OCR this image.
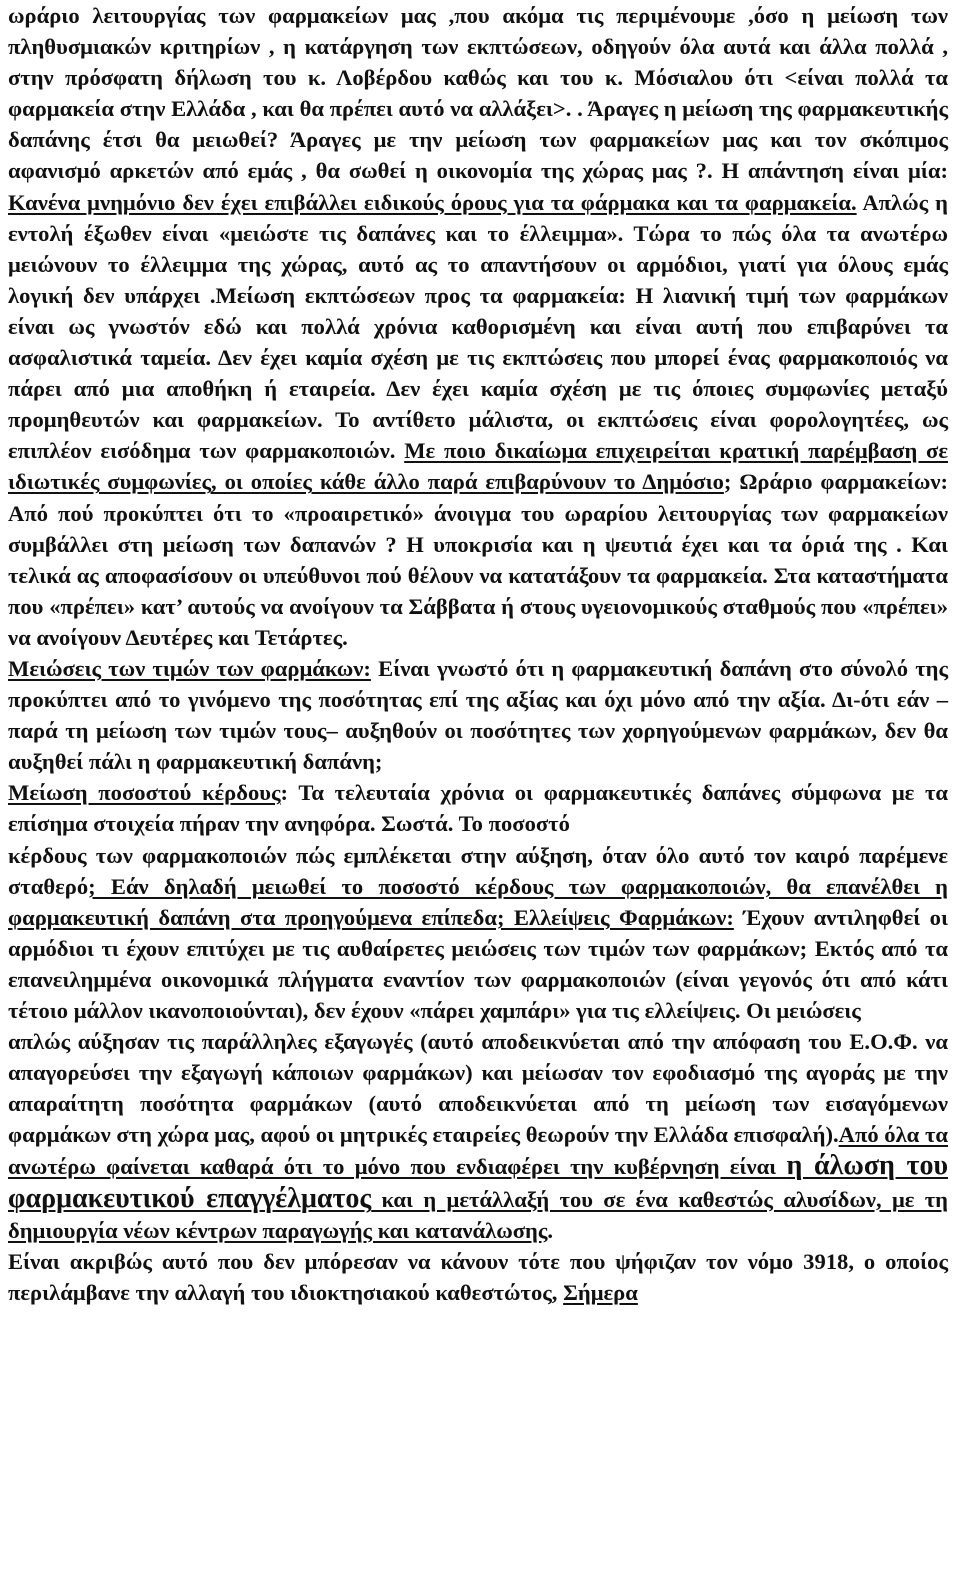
ωράριο λειτουργίας των φαρμακείων μας ,που ακόμα τις περιμένουμε ,όσο η μείωση των πληθυσμιακών κριτηρίων , η κατάργηση των εκπτώσεων, οδηγούν όλα αυτά και άλλα πολλά , στην πρόσφατη δήλωση του κ. Λοβέρδου καθώς και του κ. Μόσιαλου ότι <είναι πολλά τα φαρμακεία στην Ελλάδα , και θα πρέπει αυτό να αλλάξει>. . Άραγες η μείωση της φαρμακευτικής δαπάνης έτσι θα μειωθεί? Άραγες με την μείωση των φαρμακείων μας και τον σκόπιμος αφανισμό αρκετών από εμάς , θα σωθεί η οικονομία της χώρας μας ?. Η απάντηση είναι μία: Κανένα μνημόνιο δεν έχει επιβάλλει ειδικούς όρους για τα φάρμακα και τα φαρμακεία. Απλώς η εντολή έξωθεν είναι «μειώστε τις δαπάνες και το έλλειμμα». Τώρα το πώς όλα τα ανωτέρω μειώνουν το έλλειμμα της χώρας, αυτό ας το απαντήσουν οι αρμόδιοι, γιατί για όλους εμάς λογική δεν υπάρχει .Μείωση εκπτώσεων προς τα φαρμακεία: Η λιανική τιμή των φαρμάκων είναι ως γνωστόν εδώ και πολλά χρόνια καθορισμένη και είναι αυτή που επιβαρύνει τα ασφαλιστικά ταμεία. Δεν έχει καμία σχέση με τις εκπτώσεις που μπορεί ένας φαρμακοποιός να πάρει από μια αποθήκη ή εταιρεία. Δεν έχει καμία σχέση με τις όποιες συμφωνίες μεταξύ προμηθευτών και φαρμακείων. Το αντίθετο μάλιστα, οι εκπτώσεις είναι φορολογητέες, ως επιπλέον εισόδημα των φαρμακοποιών. Με ποιο δικαίωμα επιχειρείται κρατική παρέμβαση σε ιδιωτικές συμφωνίες, οι οποίες κάθε άλλο παρά επιβαρύνουν το Δημόσιο; Ωράριο φαρμακείων: Από πού προκύπτει ότι το «προαιρετικό» άνοιγμα του ωραρίου λειτουργίας των φαρμακείων συμβάλλει στη μείωση των δαπανών ? Η υποκρισία και η ψευτιά έχει και τα όριά της . Και τελικά ας αποφασίσουν οι υπεύθυνοι πού θέλουν να κατατάξουν τα φαρμακεία. Στα καταστήματα που «πρέπει» κατ’ αυτούς να ανοίγουν τα Σάββατα ή στους υγειονομικούς σταθμούς που «πρέπει» να ανοίγουν Δευτέρες και Τετάρτες.

Μειώσεις των τιμών των φαρμάκων: Είναι γνωστό ότι η φαρμακευτική δαπάνη στο σύνολό της προκύπτει από το γινόμενο της ποσότητας επί της αξίας και όχι μόνο από την αξία. Δι-ότι εάν –παρά τη μείωση των τιμών τους– αυξηθούν οι ποσότητες των χορηγούμενων φαρμάκων, δεν θα αυξηθεί πάλι η φαρμακευτική δαπάνη;

Μείωση ποσοστού κέρδους: Τα τελευταία χρόνια οι φαρμακευτικές δαπάνες σύμφωνα με τα επίσημα στοιχεία πήραν την ανηφόρα. Σωστά. Το ποσοστό

κέρδους των φαρμακοποιών πώς εμπλέκεται στην αύξηση, όταν όλο αυτό τον καιρό παρέμενε σταθερό; Εάν δηλαδή μειωθεί το ποσοστό κέρδους των φαρμακοποιών, θα επανέλθει η φαρμακευτική δαπάνη στα προηγούμενα επίπεδα; Ελλείψεις Φαρμάκων: Έχουν αντιληφθεί οι αρμόδιοι τι έχουν επιτύχει με τις αυθαίρετες μειώσεις των τιμών των φαρμάκων; Εκτός από τα επανειλημμένα οικονομικά πλήγματα εναντίον των φαρμακοποιών (είναι γεγονός ότι από κάτι τέτοιο μάλλον ικανοποιούνται), δεν έχουν «πάρει χαμπάρι» για τις ελλείψεις. Οι μειώσεις

απλώς αύξησαν τις παράλληλες εξαγωγές (αυτό αποδεικνύεται από την απόφαση του Ε.Ο.Φ. να απαγορεύσει την εξαγωγή κάποιων φαρμάκων) και μείωσαν τον εφοδιασμό της αγοράς με την απαραίτητη ποσότητα φαρμάκων (αυτό αποδεικνύεται από τη μείωση των εισαγόμενων φαρμάκων στη χώρα μας, αφού οι μητρικές εταιρείες θεωρούν την Ελλάδα επισφαλή).Από όλα τα ανωτέρω φαίνεται καθαρά ότι το μόνο που ενδιαφέρει την κυβέρνηση είναι η άλωση του φαρμακευτικού επαγγέλματος και η μετάλλαξή του σε ένα καθεστώς αλυσίδων, με τη δημιουργία νέων κέντρων παραγωγής και κατανάλωσης.

Είναι ακριβώς αυτό που δεν μπόρεσαν να κάνουν τότε που ψήφιζαν τον νόμο 3918, ο οποίος περιλάμβανε την αλλαγή του ιδιοκτησιακού καθεστώτος, Σήμερα
